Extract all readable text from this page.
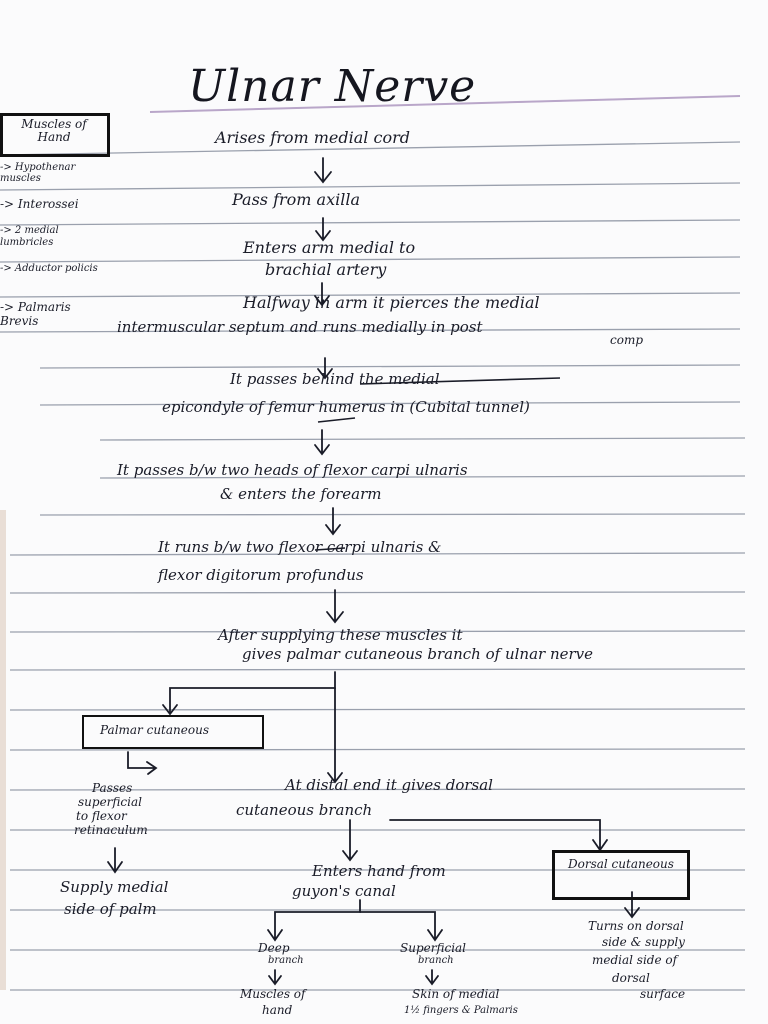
Ulnar Nerve
Muscles of Hand
-> Hypothenar muscles
-> Interossei
-> 2 medial lumbricles
-> Adductor policis
-> Palmaris Brevis
Arises from medial cord
Pass from axilla
Enters arm medial to
brachial artery
Halfway in arm it pierces the medial
intermuscular septum and runs medially in post
comp
It passes behind the medial
epicondyle of femur humerus in (Cubital tunnel)
It passes b/w two heads of flexor carpi ulnaris
& enters the forearm
It runs b/w two flexor carpi ulnaris &
flexor digitorum profundus
After supplying these muscles it
gives palmar cutaneous branch of ulnar nerve
Palmar cutaneous
Passes
superficial
to flexor
retinaculum
Supply medial
side of palm
At distal end it gives dorsal
cutaneous branch
Enters hand from
guyon's canal
Dorsal cutaneous
Turns on dorsal
side & supply
medial side of
dorsal
surface
Deep
branch
Muscles of
hand
Superficial
branch
Skin of medial
1½ fingers & Palmaris
